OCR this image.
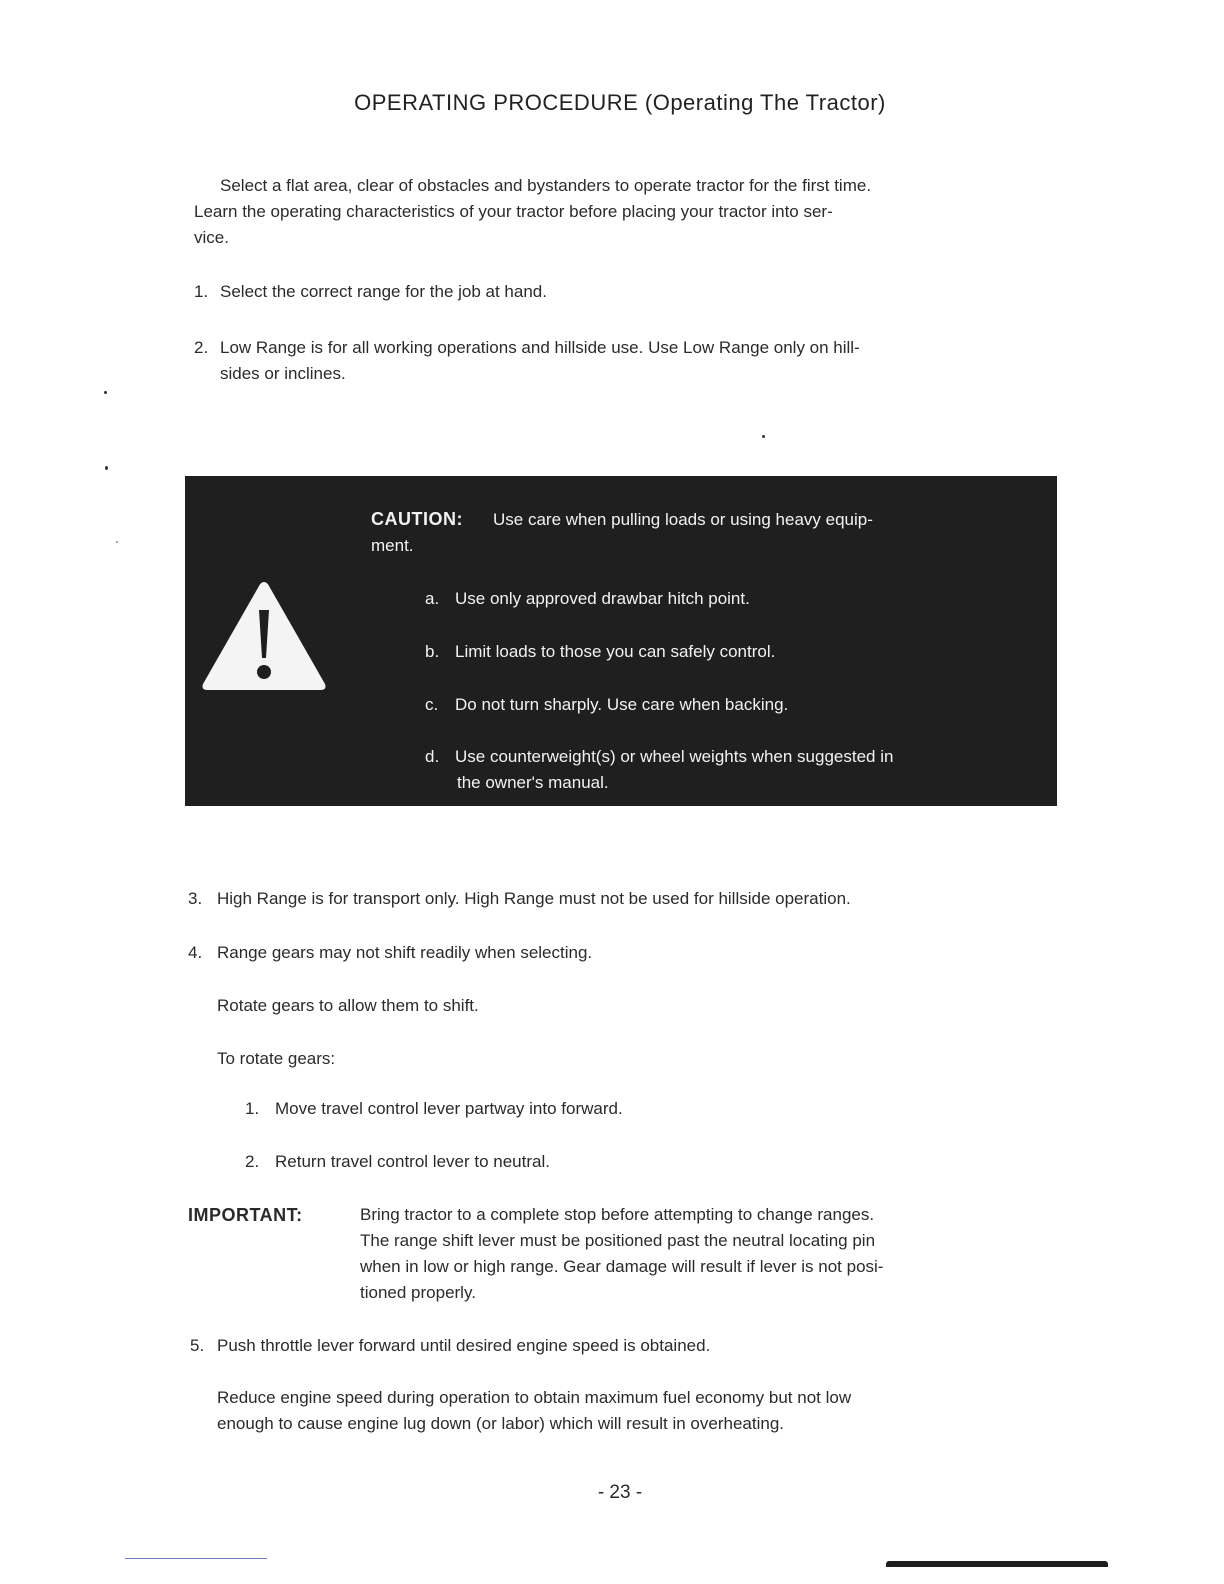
OPERATING PROCEDURE (Operating The Tractor)
Select a flat area, clear of obstacles and bystanders to operate tractor for the first time.
Learn the operating characteristics of your tractor before placing your tractor into ser-
vice.
1. Select the correct range for the job at hand.
2. Low Range is for all working operations and hillside use. Use Low Range only on hill-
sides or inclines.
CAUTION: Use care when pulling loads or using heavy equip-
ment.
a. Use only approved drawbar hitch point.
b. Limit loads to those you can safely control.
c. Do not turn sharply. Use care when backing.
d. Use counterweight(s) or wheel weights when suggested in
the owner's manual.
3. High Range is for transport only. High Range must not be used for hillside operation.
4. Range gears may not shift readily when selecting.
Rotate gears to allow them to shift.
To rotate gears:
1. Move travel control lever partway into forward.
2. Return travel control lever to neutral.
IMPORTANT:	Bring tractor to a complete stop before attempting to change ranges.
The range shift lever must be positioned past the neutral locating pin
when in low or high range. Gear damage will result if lever is not posi-
tioned properly.
5. Push throttle lever forward until desired engine speed is obtained.
Reduce engine speed during operation to obtain maximum fuel economy but not low
enough to cause engine lug down (or labor) which will result in overheating.
- 23 -
